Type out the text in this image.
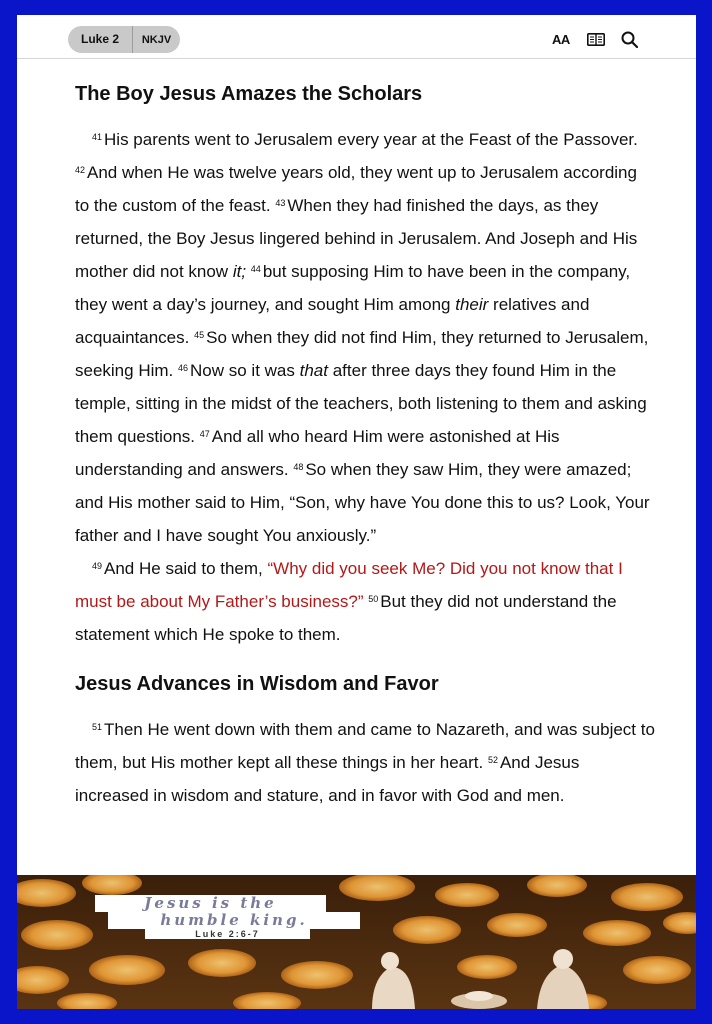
Luke 2	NKJV	AA
The Boy Jesus Amazes the Scholars

$^{41}$ His parents went to Jerusalem every year at the Feast of the Passover. $^{42}$ And when He was twelve years old, they went up to Jerusalem according to the custom of the feast. $^{43}$ When they had finished the days, as they returned, the Boy Jesus lingered behind in Jerusalem. And Joseph and His mother did not know it; $^{44}$ but supposing Him to have been in the company, they went a day’s journey, and sought Him among their relatives and acquaintances. $^{45}$ So when they did not find Him, they returned to Jerusalem, seeking Him. $^{46}$ Now so it was that after three days they found Him in the temple, sitting in the midst of the teachers, both listening to them and asking them questions. $^{47}$ And all who heard Him were astonished at His understanding and answers. $^{48}$ So when they saw Him, they were amazed; and His mother said to Him, “Son, why have You done this to us? Look, Your father and I have sought You anxiously.”

$^{49}$ And He said to them, “Why did you seek Me? Did you not know that I must be about My Father’s business?” $^{50}$ But they did not understand the statement which He spoke to them.

Jesus Advances in Wisdom and Favor

$^{51}$ Then He went down with them and came to Nazareth, and was subject to them, but His mother kept all these things in her heart. $^{52}$ And Jesus increased in wisdom and stature, and in favor with God and men.

Jesus is the
humble king.
Luke 2:6-7
